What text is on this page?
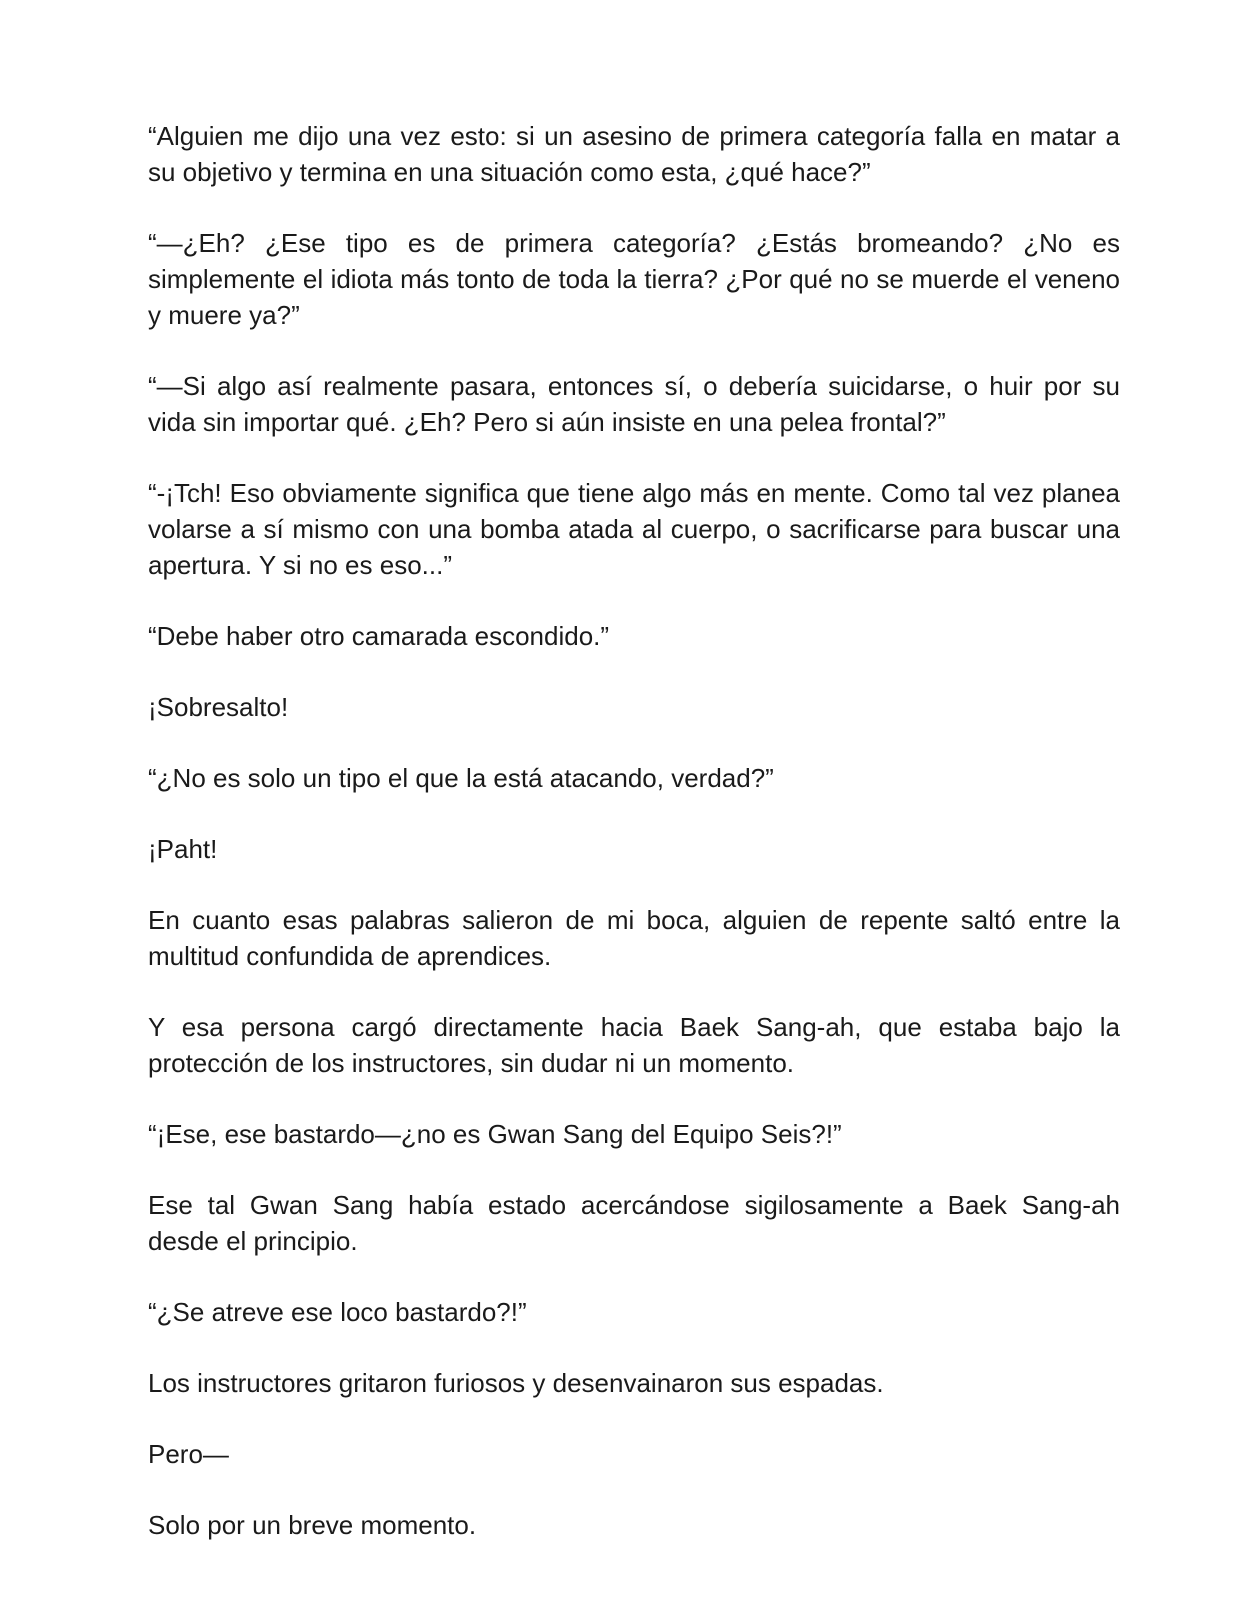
“Alguien me dijo una vez esto: si un asesino de primera categoría falla en matar a su objetivo y termina en una situación como esta, ¿qué hace?”

“—¿Eh? ¿Ese tipo es de primera categoría? ¿Estás bromeando? ¿No es simplemente el idiota más tonto de toda la tierra? ¿Por qué no se muerde el veneno y muere ya?”

“—Si algo así realmente pasara, entonces sí, o debería suicidarse, o huir por su vida sin importar qué. ¿Eh? Pero si aún insiste en una pelea frontal?”

“-¡Tch! Eso obviamente significa que tiene algo más en mente. Como tal vez planea volarse a sí mismo con una bomba atada al cuerpo, o sacrificarse para buscar una apertura. Y si no es eso...”

“Debe haber otro camarada escondido.”

¡Sobresalto!

“¿No es solo un tipo el que la está atacando, verdad?”

¡Paht!

En cuanto esas palabras salieron de mi boca, alguien de repente saltó entre la multitud confundida de aprendices.

Y esa persona cargó directamente hacia Baek Sang-ah, que estaba bajo la protección de los instructores, sin dudar ni un momento.

“¡Ese, ese bastardo—¿no es Gwan Sang del Equipo Seis?!”

Ese tal Gwan Sang había estado acercándose sigilosamente a Baek Sang-ah desde el principio.

“¿Se atreve ese loco bastardo?!”

Los instructores gritaron furiosos y desenvainaron sus espadas.

Pero—

Solo por un breve momento.
